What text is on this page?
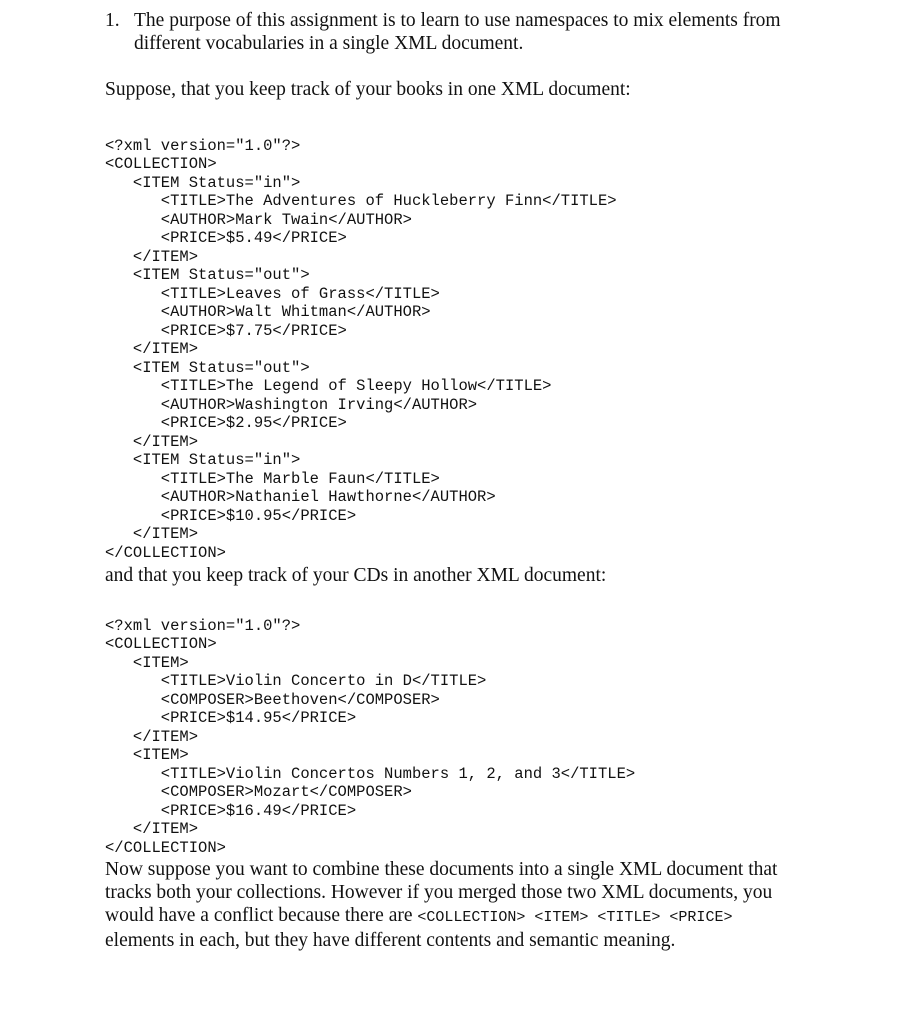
1. The purpose of this assignment is to learn to use namespaces to mix elements from different vocabularies in a single XML document.
Suppose, that you keep track of your books in one XML document:

<?xml version="1.0"?>
<COLLECTION>
<ITEM Status="in">
<TITLE>The Adventures of Huckleberry Finn</TITLE>
<AUTHOR>Mark Twain</AUTHOR>
<PRICE>$5.49</PRICE>
</ITEM>
<ITEM Status="out">
<TITLE>Leaves of Grass</TITLE>
<AUTHOR>Walt Whitman</AUTHOR>
<PRICE>$7.75</PRICE>
</ITEM>
<ITEM Status="out">
<TITLE>The Legend of Sleepy Hollow</TITLE>
<AUTHOR>Washington Irving</AUTHOR>
<PRICE>$2.95</PRICE>
</ITEM>
<ITEM Status="in">
<TITLE>The Marble Faun</TITLE>
<AUTHOR>Nathaniel Hawthorne</AUTHOR>
<PRICE>$10.95</PRICE>
</ITEM>
</COLLECTION>

and that you keep track of your CDs in another XML document:

<?xml version="1.0"?>
<COLLECTION>
<ITEM>
<TITLE>Violin Concerto in D</TITLE>
<COMPOSER>Beethoven</COMPOSER>
<PRICE>$14.95</PRICE>
</ITEM>
<ITEM>
<TITLE>Violin Concertos Numbers 1, 2, and 3</TITLE>
<COMPOSER>Mozart</COMPOSER>
<PRICE>$16.49</PRICE>
</ITEM>
</COLLECTION>

Now suppose you want to combine these documents into a single XML document that tracks both your collections. However if you merged those two XML documents, you would have a conflict because there are <COLLECTION> <ITEM> <TITLE> <PRICE> elements in each, but they have different contents and semantic meaning.
